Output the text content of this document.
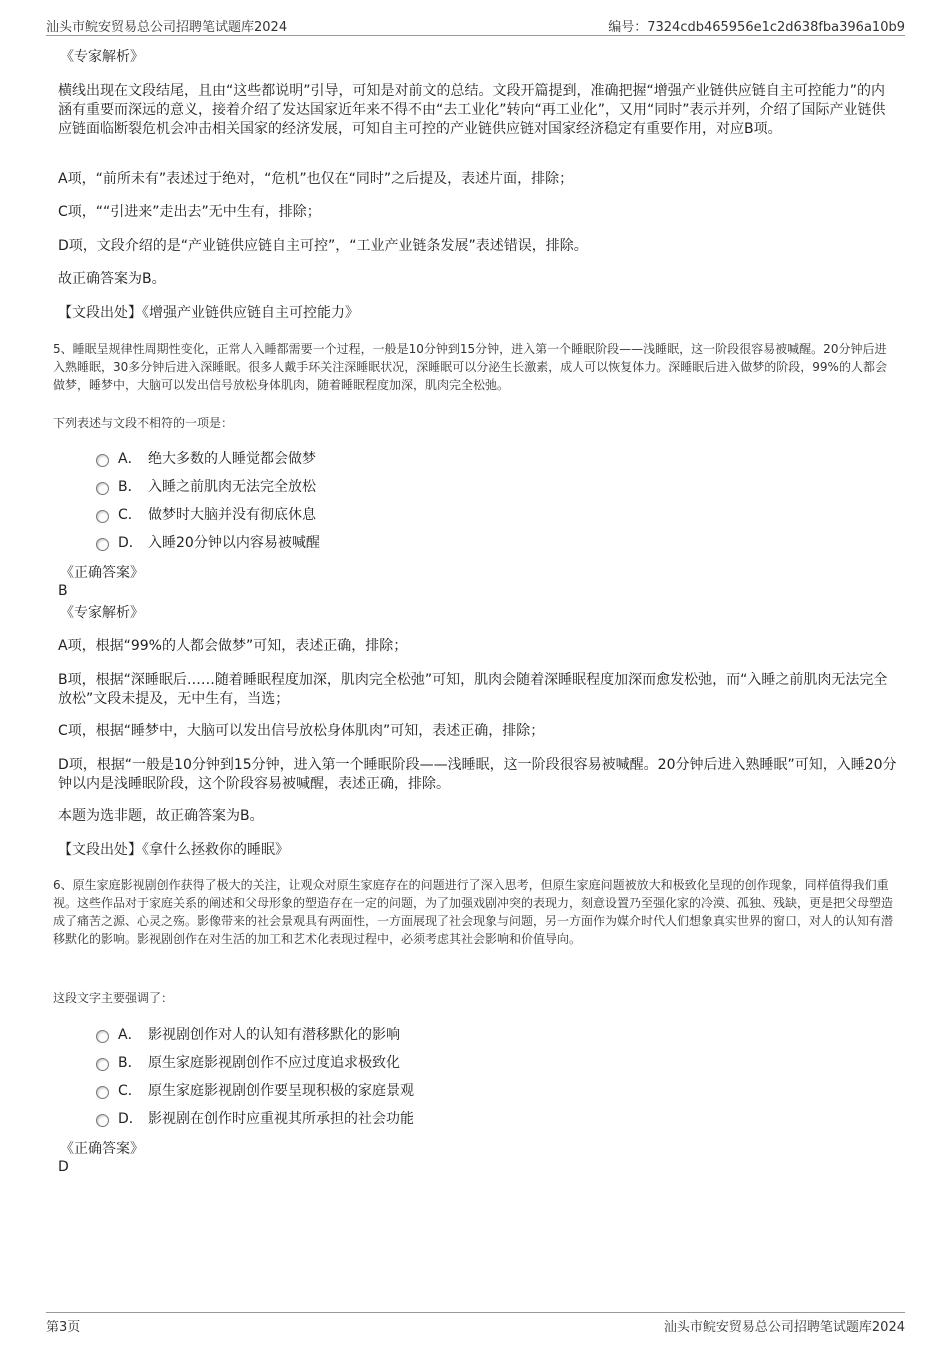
汕头市鲩安贸易总公司招聘笔试题库2024	编号：7324cdb465956e1c2d638fba396a10b9
《专家解析》
横线出现在文段结尾，且由“这些都说明”引导，可知是对前文的总结。文段开篇提到，准确把握“增强产业链供应链自主可控能力”的内涵有重要而深远的意义，接着介绍了发达国家近年来不得不由“去工业化”转向“再工业化”，又用“同时”表示并列，介绍了国际产业链供应链面临断裂危机会冲击相关国家的经济发展，可知自主可控的产业链供应链对国家经济稳定有重要作用，对应B项。
A项，“前所未有”表述过于绝对，“危机”也仅在“同时”之后提及，表述片面，排除；
C项，““引进来”走出去”无中生有，排除；
D项，文段介绍的是“产业链供应链自主可控”，“工业产业链条发展”表述错误，排除。
故正确答案为B。
【文段出处】《增强产业链供应链自主可控能力》
5、睡眠呈规律性周期性变化，正常人入睡都需要一个过程，一般是10分钟到15分钟，进入第一个睡眠阶段——浅睡眠，这一阶段很容易被喊醒。20分钟后进入熟睡眠，30多分钟后进入深睡眠。很多人戴手环关注深睡眠状况，深睡眠可以分泌生长激素，成人可以恢复体力。深睡眠后进入做梦的阶段，99%的人都会做梦，睡梦中，大脑可以发出信号放松身体肌肉，随着睡眠程度加深，肌肉完全松弛。
下列表述与文段不相符的一项是：
A． 绝大多数的人睡觉都会做梦
B． 入睡之前肌肉无法完全放松
C． 做梦时大脑并没有彻底休息
D． 入睡20分钟以内容易被喊醒
《正确答案》
B
《专家解析》
A项，根据“99%的人都会做梦”可知，表述正确，排除；
B项，根据“深睡眠后……随着睡眠程度加深，肌肉完全松弛”可知，肌肉会随着深睡眠程度加深而愈发松弛，而“入睡之前肌肉无法完全放松”文段未提及，无中生有，当选；
C项，根据“睡梦中，大脑可以发出信号放松身体肌肉”可知，表述正确，排除；
D项，根据“一般是10分钟到15分钟，进入第一个睡眠阶段——浅睡眠，这一阶段很容易被喊醒。20分钟后进入熟睡眠”可知，入睡20分钟以内是浅睡眠阶段，这个阶段容易被喊醒，表述正确，排除。
本题为选非题，故正确答案为B。
【文段出处】《拿什么拯救你的睡眠》
6、原生家庭影视剧创作获得了极大的关注，让观众对原生家庭存在的问题进行了深入思考，但原生家庭问题被放大和极致化呈现的创作现象，同样值得我们重视。这些作品对于家庭关系的阐述和父母形象的塑造存在一定的问题，为了加强戏剧冲突的表现力，刻意设置乃至强化家的冷漠、孤独、残缺，更是把父母塑造成了痛苦之源、心灵之殇。影像带来的社会景观具有两面性，一方面展现了社会现象与问题，另一方面作为媒介时代人们想象真实世界的窗口，对人的认知有潜移默化的影响。影视剧创作在对生活的加工和艺术化表现过程中，必须考虑其社会影响和价值导向。
这段文字主要强调了：
A． 影视剧创作对人的认知有潜移默化的影响
B． 原生家庭影视剧创作不应过度追求极致化
C． 原生家庭影视剧创作要呈现积极的家庭景观
D． 影视剧在创作时应重视其所承担的社会功能
《正确答案》
D
第3页	汕头市鲩安贸易总公司招聘笔试题库2024
